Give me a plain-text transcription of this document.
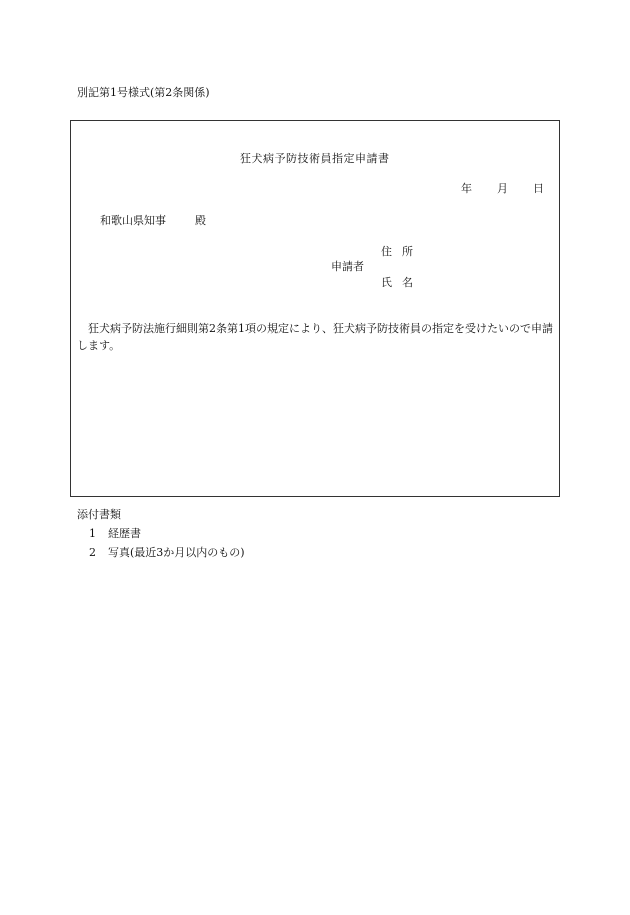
別記第1号様式(第2条関係)
狂犬病予防技術員指定申請書
年 月 日
和歌山県知事	殿
住所
申請者
氏名
狂犬病予防法施行細則第2条第1項の規定により、狂犬病予防技術員の指定を受けたいので申請します。
添付書類
1 経歴書
2 写真(最近3か月以内のもの)
